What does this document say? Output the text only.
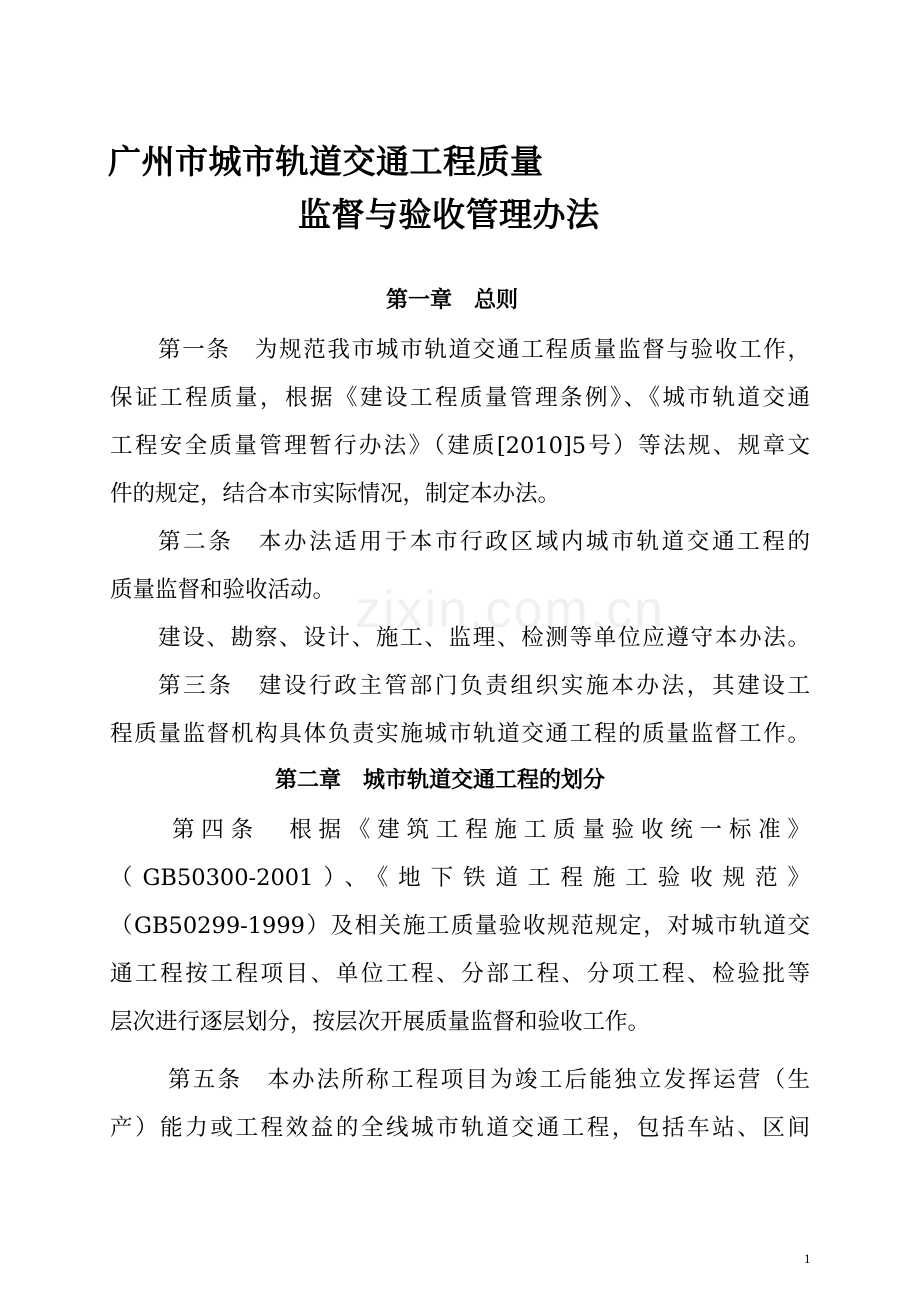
zixin.com.cn
广州市城市轨道交通工程质量
监督与验收管理办法
第一章　总则
第一条　为规范我市城市轨道交通工程质量监督与验收工作，
保证工程质量，根据《建设工程质量管理条例》、《城市轨道交通
工程安全质量管理暂行办法》（建质[2010]5号）等法规、规章文
件的规定，结合本市实际情况，制定本办法。
第二条　本办法适用于本市行政区域内城市轨道交通工程的
质量监督和验收活动。
建设、勘察、设计、施工、监理、检测等单位应遵守本办法。
第三条　建设行政主管部门负责组织实施本办法，其建设工
程质量监督机构具体负责实施城市轨道交通工程的质量监督工作。
第二章　城市轨道交通工程的划分
第四条　根据《建筑工程施工质量验收统一标准》
（GB50300-2001）、《地下铁道工程施工验收规范》
（GB50299-1999）及相关施工质量验收规范规定，对城市轨道交
通工程按工程项目、单位工程、分部工程、分项工程、检验批等
层次进行逐层划分，按层次开展质量监督和验收工作。
第五条　本办法所称工程项目为竣工后能独立发挥运营（生
产）能力或工程效益的全线城市轨道交通工程，包括车站、区间
1
